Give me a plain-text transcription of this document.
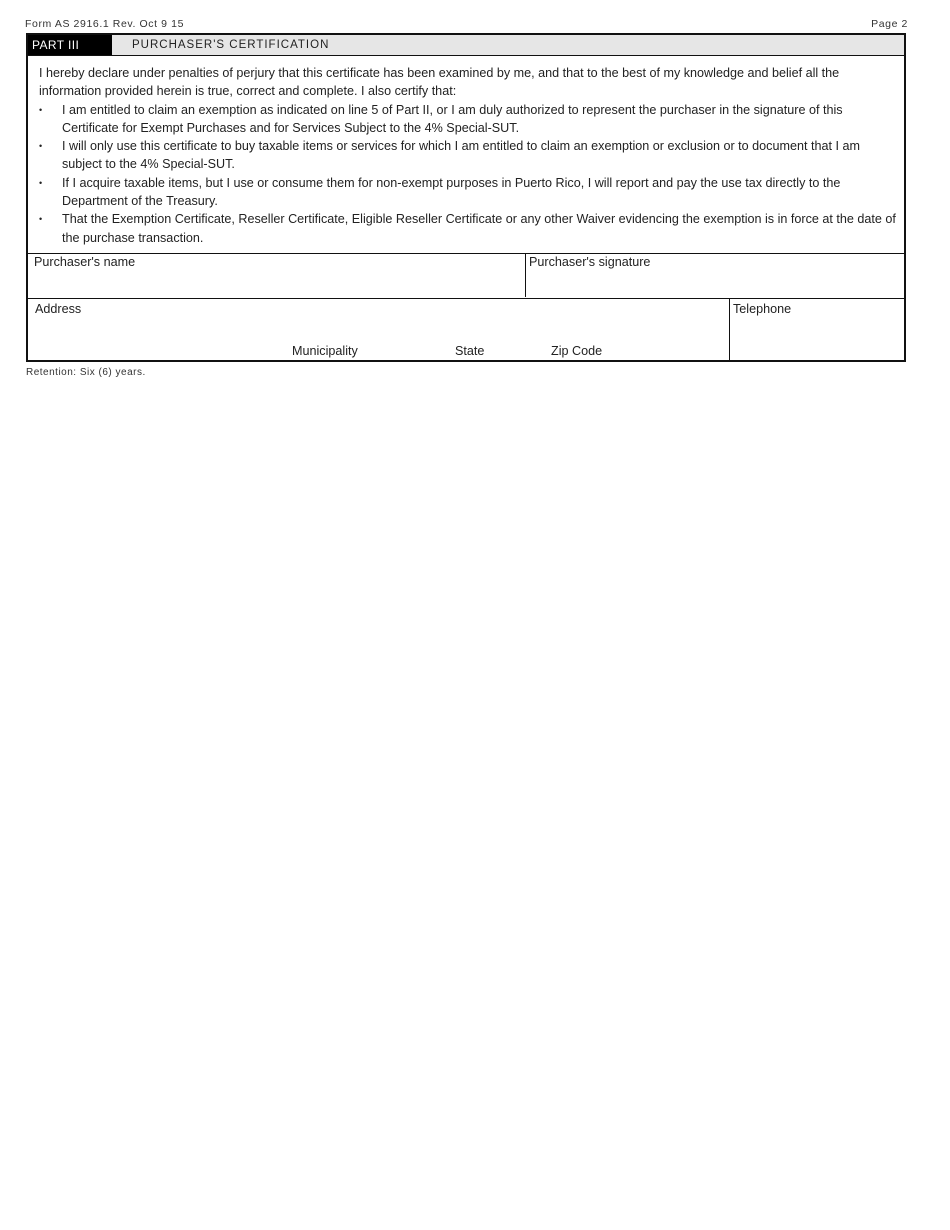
Form AS 2916.1 Rev. Oct 9 15	Page 2
PART III	PURCHASER'S CERTIFICATION

I hereby declare under penalties of perjury that this certificate has been examined by me, and that to the best of my knowledge and belief all the information provided herein is true, correct and complete. I also certify that:

• I am entitled to claim an exemption as indicated on line 5 of Part II, or I am duly authorized to represent the purchaser in the signature of this Certificate for Exempt Purchases and for Services Subject to the 4% Special-SUT.
• I will only use this certificate to buy taxable items or services for which I am entitled to claim an exemption or exclusion or to document that I am subject to the 4% Special-SUT.
• If I acquire taxable items, but I use or consume them for non-exempt purposes in Puerto Rico, I will report and pay the use tax directly to the Department of the Treasury.
• That the Exemption Certificate, Reseller Certificate, Eligible Reseller Certificate or any other Waiver evidencing the exemption is in force at the date of the purchase transaction.
Purchaser's name	Purchaser's signature
Address
Municipality	State	Zip Code
Telephone
Retention: Six (6) years.
